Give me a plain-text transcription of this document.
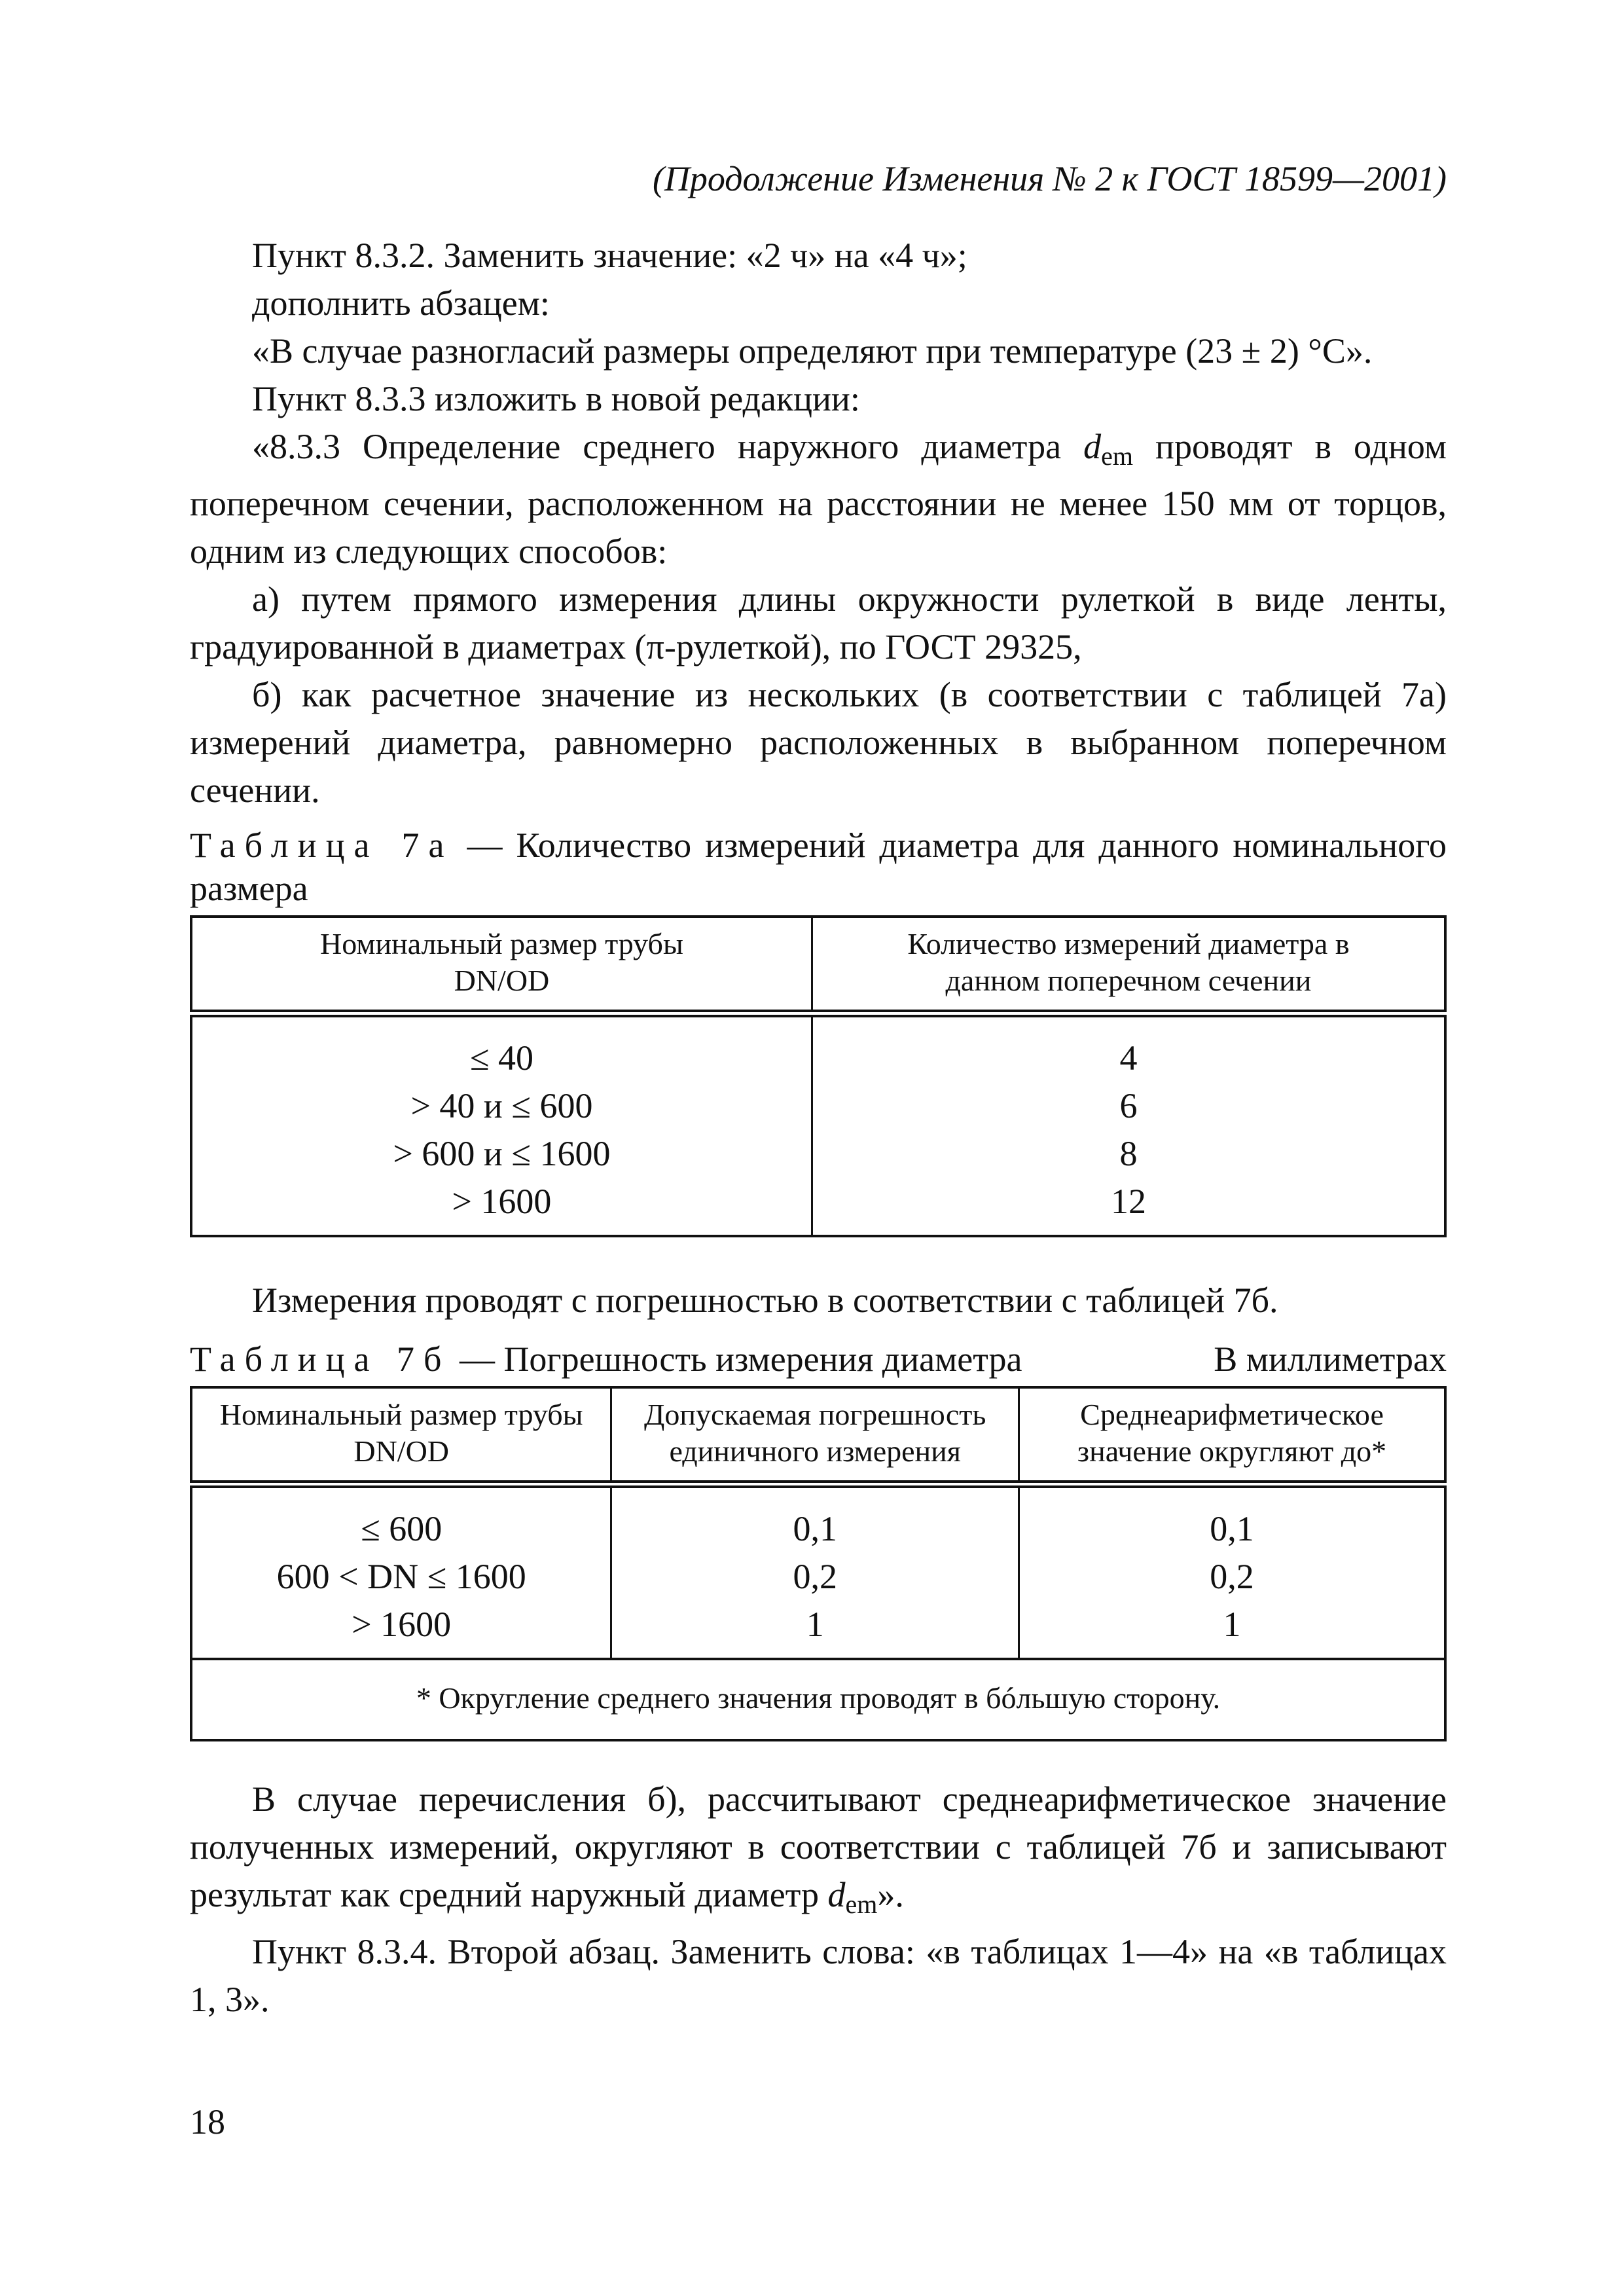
(Продолжение Изменения № 2 к ГОСТ 18599—2001)

Пункт 8.3.2. Заменить значение: «2 ч» на «4 ч»;

дополнить абзацем:

«В случае разногласий размеры определяют при температуре (23 ± 2) °С».

Пункт 8.3.3 изложить в новой редакции:

«8.3.3 Определение среднего наружного диаметра $d_{em}$ проводят в одном поперечном сечении, расположенном на расстоянии не менее 150 мм от торцов, одним из следующих способов:

а) путем прямого измерения длины окружности рулеткой в виде ленты, градуированной в диаметрах (π-рулеткой), по ГОСТ 29325,

б) как расчетное значение из нескольких (в соответствии с таблицей 7а) измерений диаметра, равномерно расположенных в выбранном поперечном сечении.

Таблица 7а — Количество измерений диаметра для данного номинального размера
Номинальный размер трубы DN/OD	Количество измерений диаметра в данном поперечном сечении
≤ 40	4
> 40 и ≤ 600	6
> 600 и ≤ 1600	8
> 1600	12

Измерения проводят с погрешностью в соответствии с таблицей 7б.

Таблица 7б — Погрешность измерения диаметра	В миллиметрах
Номинальный размер трубы DN/OD	Допускаемая погрешность единичного измерения	Среднеарифметическое значение округляют до*
≤ 600	0,1	0,1
600 < DN ≤ 1600	0,2	0,2
> 1600	1	1
* Округление среднего значения проводят в бóльшую сторону.		

В случае перечисления б), рассчитывают среднеарифметическое значение полученных измерений, округляют в соответствии с таблицей 7б и записывают результат как средний наружный диаметр $d_{em}$».

Пункт 8.3.4. Второй абзац. Заменить слова: «в таблицах 1—4» на «в таблицах 1, 3».

18
